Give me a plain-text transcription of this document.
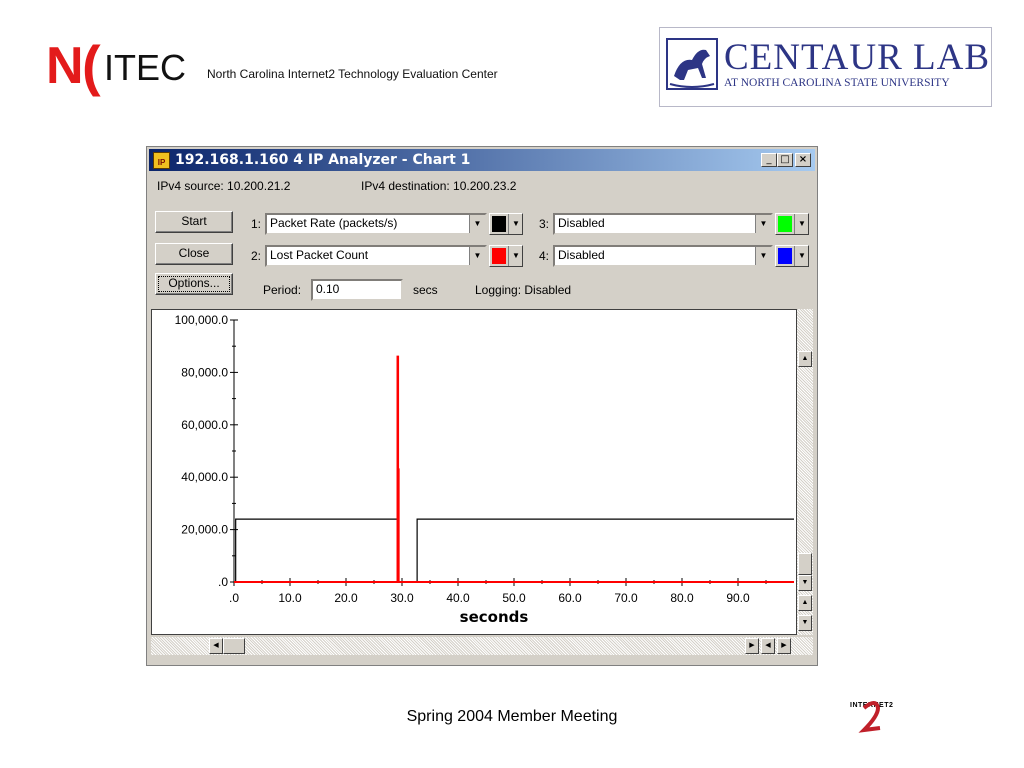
N ( ITEC North Carolina Internet2 Technology Evaluation Center	CENTAUR LAB
AT NORTH CAROLINA STATE UNIVERSITY
IP 192.168.1.160 4 IP Analyzer - Chart 1	_ □ ×
IPv4 source: 10.200.21.2	IPv4 destination: 10.200.23.2
Start
Close
Options...
1: Packet Rate (packets/s)	▼	▼
2: Lost Packet Count	▼	▼
3: Disabled	▼	▼
4: Disabled	▼	▼
Period:	0.10	secs	Logging: Disabled
100,000.0
80,000.0
60,000.0
40,000.0
20,000.0
.0
.0	10.0	20.0	30.0	40.0	50.0	60.0	70.0	80.0	90.0
seconds
▲
▼
▲
▼
◀	▶	◀	▶
Spring 2004 Member Meeting
INTERNET2
